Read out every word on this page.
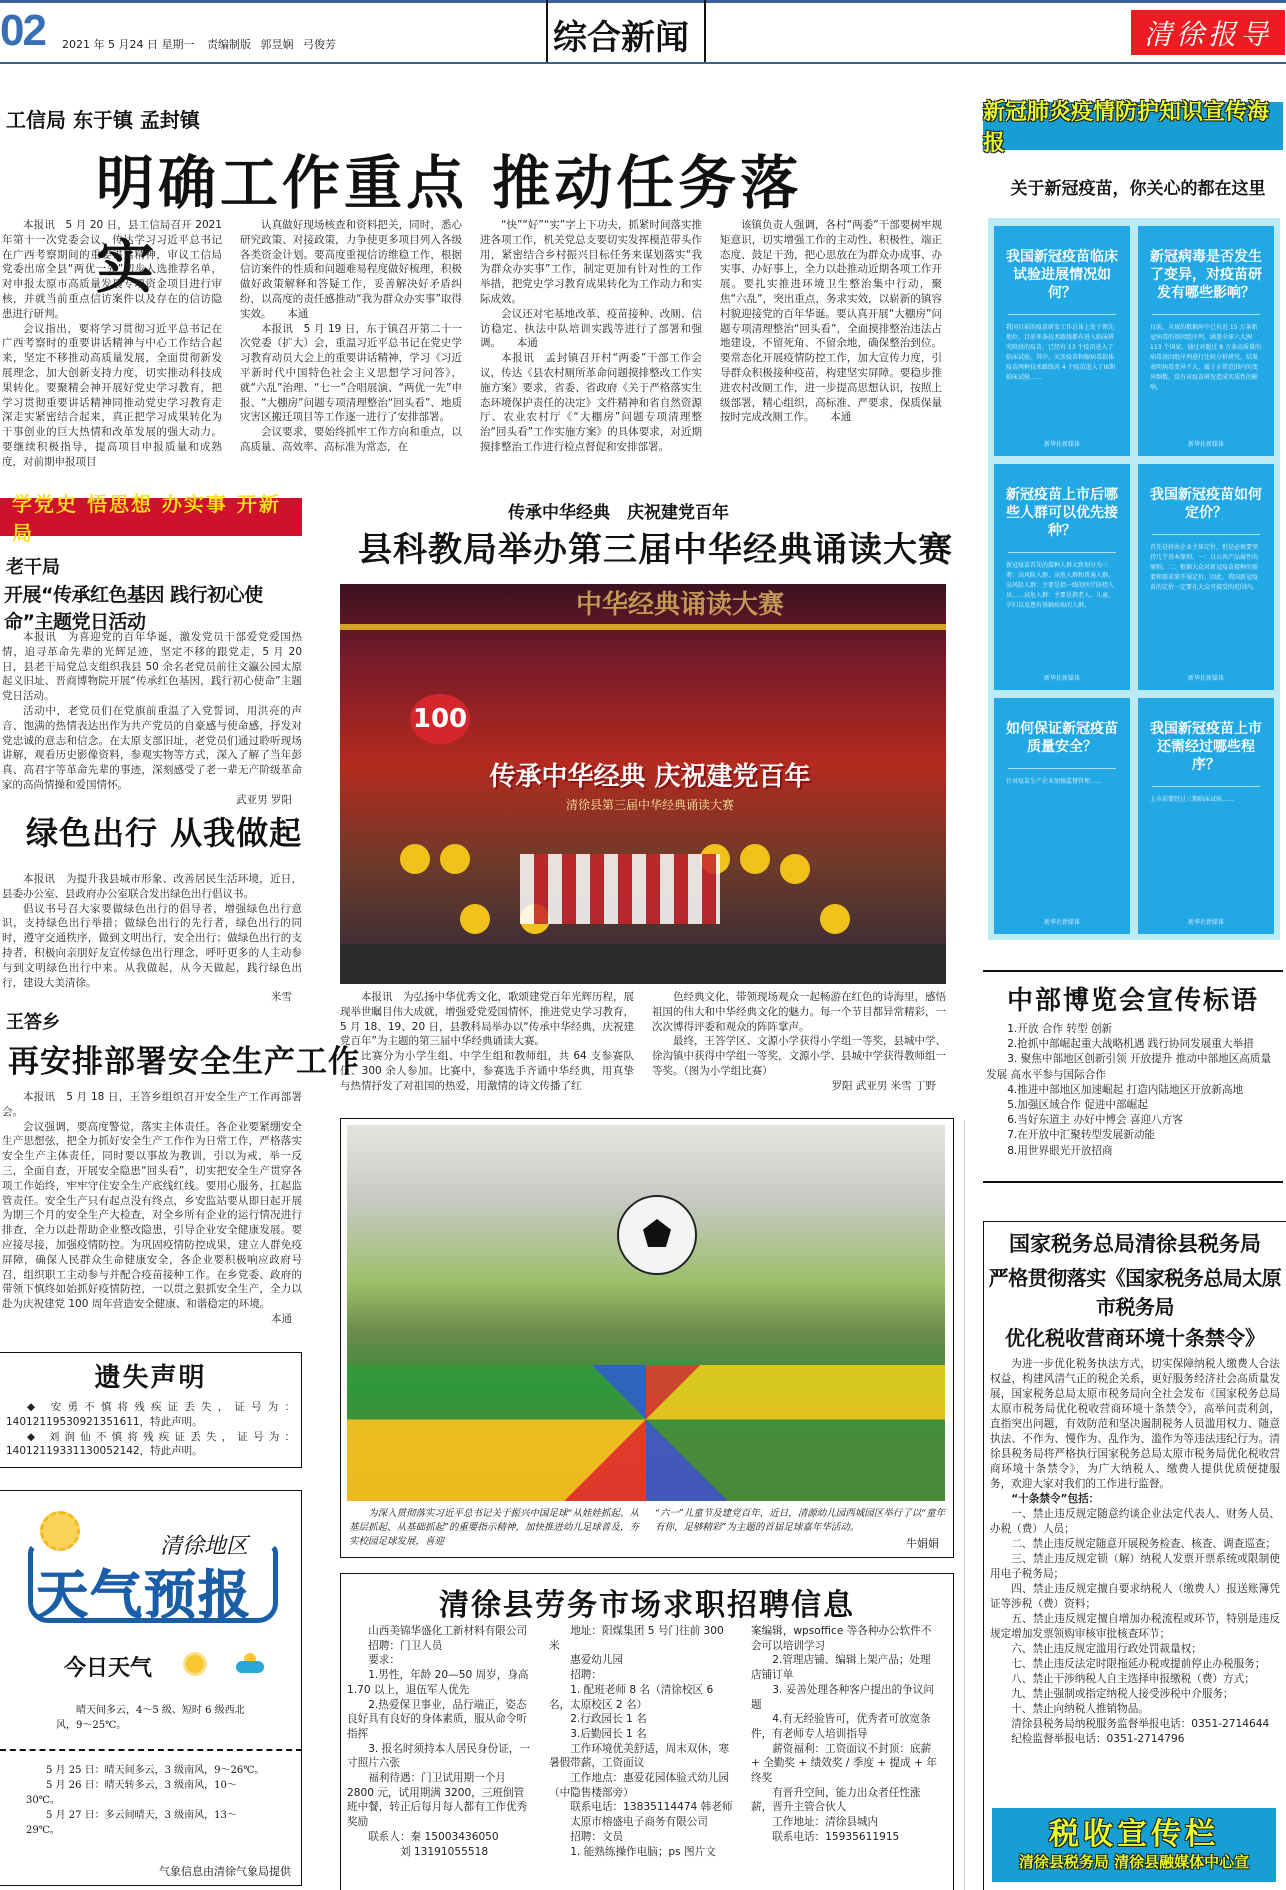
02 2021 年 5 月24 日 星期一 责编制版 郭昱娴 弓俊芳	综合新闻	清徐报导
工信局 东于镇 孟封镇
明确工作重点 推动任务落实

本报讯　5 月 20 日，县工信局召开 2021 年第十一次党委会议，传达学习习近平总书记在广西考察期间的重要讲话精神，审议工信局党委出席全县“两优一先”初步人选推荐名单，对申报太原市高质量发展专项资金项目进行审核，并就当前重点信访案件以及存在的信访隐患进行研判。

会议指出，要将学习贯彻习近平总书记在广西考察时的重要讲话精神与中心工作结合起来，坚定不移推动高质量发展，全面贯彻新发展理念，加大创新支持力度，切实推动科技成果转化。要聚精会神开展好党史学习教育，把学习贯彻重要讲话精神同推动党史学习教育走深走实紧密结合起来，真正把学习成果转化为干事创业的巨大热情和改革发展的强大动力。要继续积极指导，提高项目申报质量和成熟度，对前期申报项目

认真做好现场核查和资料把关，同时，悉心研究政策、对接政策，力争使更多项目列入各级各类资金计划。要高度重视信访维稳工作，根据信访案件的性质和问题难易程度做好梳理，积极做好政策解释和答疑工作，妥善解决好矛盾纠纷，以高度的责任感推动“我为群众办实事”取得实效。　　本通

本报讯　5 月 19 日，东于镇召开第二十一次党委（扩大）会，重温习近平总书记在党史学习教育动员大会上的重要讲话精神，学习《习近平新时代中国特色社会主义思想学习问答》，就“六乱”治理、“七一”合唱展演、“两优一先”申报、“大棚房”问题专项清理整治“回头看”、地质灾害区搬迁项目等工作逐一进行了安排部署。

会议要求，要始终抓牢工作方向和重点，以高质量、高效率、高标准为常态，在

“快”“好”“实”字上下功夫，抓紧时间落实推进各项工作，机关党总支要切实发挥模范带头作用，紧密结合乡村振兴目标任务来谋划落实“我为群众办实事”工作，制定更加有针对性的工作举措，把党史学习教育成果转化为工作动力和实际成效。

会议还对宅基地改革、疫苗接种、改厕、信访稳定、执法中队培训实践等进行了部署和强调。　　本通

本报讯　孟封镇召开村“两委”干部工作会议，传达《县农村厕所革命问题摸排整改工作实施方案》要求，省委、省政府《关于严格落实生态环境保护责任的决定》文件精神和省自然资源厅、农业农村厅《“大棚房”问题专项清理整治“回头看”工作实施方案》的具体要求，对近期摸排整治工作进行检点督促和安排部署。

该镇负责人强调，各村“两委”干部要树牢规矩意识，切实增强工作的主动性、积极性，端正态度、鼓足干劲，把心思放在为群众办成事、办实事、办好事上，全力以赴推动近期各项工作开展。要扎实推进环境卫生整治集中行动，聚焦“六乱”，突出重点，务求实效，以崭新的镇容村貌迎接党的百年华诞。要认真开展“大棚房”问题专项清理整治“回头看”，全面摸排整治违法占地建设，不留死角、不留余地，确保整治到位。要常态化开展疫情防控工作，加大宣传力度，引导群众积极接种疫苗，构建坚实屏障。要稳步推进农村改厕工作，进一步提高思想认识，按照上级部署，精心组织，高标准、严要求，保质保量按时完成改厕工作。　　本通

学党史 悟思想 办实事 开新局
老干局
开展“传承红色基因 践行初心使命”主题党日活动

本报讯　为喜迎党的百年华诞，激发党员干部爱党爱国热情，追寻革命先辈的光辉足迹，坚定不移的跟党走，5 月 20 日，县老干局党总支组织我县 50 余名老党员前往文瀛公园太原起义旧址、晋商博物院开展“传承红色基因，践行初心使命”主题党日活动。

活动中，老党员们在党旗前重温了入党誓词，用洪亮的声音、饱满的热情表达出作为共产党员的自豪感与使命感，抒发对党忠诚的意志和信念。在太原支部旧址，老党员们通过聆听现场讲解，观看历史影像资料，参观实物等方式，深入了解了当年彭真、高君宇等革命先辈的事迹，深刻感受了老一辈无产阶级革命家的高尚情操和爱国情怀。

武亚男 罗阳
绿色出行 从我做起

本报讯　为提升我县城市形象、改善居民生活环境，近日，县委办公室、县政府办公室联合发出绿色出行倡议书。

倡议书号召大家要做绿色出行的倡导者，增强绿色出行意识，支持绿色出行举措；做绿色出行的先行者，绿色出行的同时，遵守交通秩序，做到文明出行，安全出行；做绿色出行的支持者，积极向亲朋好友宣传绿色出行理念，呼吁更多的人主动参与到文明绿色出行中来。从我做起，从今天做起，践行绿色出行，建设大美清徐。

米雪
王答乡
再安排部署安全生产工作

本报讯　5 月 18 日，王答乡组织召开安全生产工作再部署会。

会议强调，要高度警觉，落实主体责任。各企业要紧绷安全生产思想弦，把全力抓好安全生产工作作为日常工作，严格落实安全生产主体责任，同时要以事故为教训，引以为戒，举一反三，全面自查，开展安全隐患“回头看”，切实把安全生产贯穿各项工作始终，牢牢守住安全生产底线红线。要用心服务，扛起监管责任。安全生产只有起点没有终点，乡安监站要从即日起开展为期三个月的安全生产大检查，对全乡所有企业的运行情况进行排查，全力以赴帮助企业整改隐患，引导企业安全健康发展。要应接尽接，加强疫情防控。为巩固疫情防控成果，建立人群免疫屏障，确保人民群众生命健康安全，各企业要积极响应政府号召，组织职工主动参与并配合疫苗接种工作。在乡党委、政府的带领下慎终如始抓好疫情防控，一以贯之狠抓安全生产，全力以赴为庆祝建党 100 周年营造安全健康、和谐稳定的环境。

本通
遗失声明

◆ 安勇不慎将残疾证丢失，证号为：14012119530921351611，特此声明。

◆ 刘润仙不慎将残疾证丢失，证号为：14012119331130052142，特此声明。

清徐地区
天气预报
今日天气
晴天间多云，4～5 级、短时 6 级西北风，9～25℃。

5 月 25 日：晴天间多云，3 级南风，9～26℃。

5 月 26 日：晴天转多云，3 级南风，10～30℃。

5 月 27 日：多云间晴天，3 级南风，13～29℃。

气象信息由清徐气象局提供
传承中华经典　庆祝建党百年
县科教局举办第三届中华经典诵读大赛
中华经典诵读大赛
100
传承中华经典 庆祝建党百年
清徐县第三届中华经典诵读大赛

本报讯　为弘扬中华优秀文化，歌颂建党百年光辉历程，展现举世瞩目伟大成就，增强爱党爱国情怀，推进党史学习教育，5 月 18、19、20 日，县教科局举办以“传承中华经典，庆祝建党百年”为主题的第三届中华经典诵读大赛。

比赛分为小学生组、中学生组和教师组，共 64 支参赛队伍、300 余人参加。比赛中，参赛选手齐诵中华经典，用真挚与热情抒发了对祖国的热爱，用激情的诗文传播了红

色经典文化，带领现场观众一起畅游在红色的诗海里，感悟祖国的伟大和中华经典文化的魅力。每一个节目都异常精彩，一次次博得评委和观众的阵阵掌声。

最终，王答学区、文源小学获得小学组一等奖，县城中学、徐沟镇中获得中学组一等奖，文源小学、县城中学获得教师组一等奖。（图为小学组比赛）

罗阳 武亚男 米雪 丁野
为深入贯彻落实习近平总书记关于振兴中国足球“从娃娃抓起、从基层抓起、从基础抓起”的重要指示精神，加快推进幼儿足球普及，夯实校园足球发展，喜迎
“六一”儿童节及建党百年，近日，清源幼儿园西城园区举行了以“童年有你，足够精彩”为主题的首届足球嘉年华活动。
牛娟娟
清徐县劳务市场求职招聘信息

山西美锦华盛化工新材料有限公司

招聘：门卫人员

要求：

1.男性，年龄 20—50 周岁，身高 1.70 以上，退伍军人优先

2.热爱保卫事业，品行端正，姿态良好具有良好的身体素质，服从命令听指挥

3. 报名时须持本人居民身份证，一寸照片六张

福利待遇：门卫试用期一个月 2800 元，试用期满 3200，三班倒管班中餐，转正后每月每人都有工作优秀奖励

联系人：秦 15003436050

　　　刘 13191055518

地址：阳煤集团 5 号门往前 300 米

惠爱幼儿园

招聘：

1. 配班老师 8 名（清徐校区 6 名，太原校区 2 名）

2.行政园长 1 名

3.后勤园长 1 名

工作环境优美舒适，周末双休，寒暑假带薪，工资面议

工作地点：惠爱花园体验式幼儿园（中隐售楼部旁）

联系电话：13835114474 韩老师

太原市榕盛电子商务有限公司

招聘：文员

1. 能熟练操作电脑；ps 图片文

案编辑，wpsoffice 等各种办公软件不会可以培训学习

2.管理店铺、编辑上架产品；处理店铺订单

3. 妥善处理各种客户提出的争议问题

4.有无经验皆可，优秀者可放宽条件，有老师专人培训指导

薪资福利：工资面议不封顶：底薪 + 全勤奖 + 绩效奖 / 季度 + 提成 + 年终奖

有晋升空间，能力出众者任性涨薪，晋升主管合伙人

工作地址：清徐县城内

联系电话：15935611915

新冠肺炎疫情防护知识宣传海报
关于新冠疫苗，你关心的都在这里
我国新冠疫苗临床试验进展情况如何？
我国目前的疫苗研发工作总体上处于领先地位，目前多条技术路线都有进入临床研究阶段的疫苗，已经有 13 个疫苗进入了临床试验。其中，灭活疫苗和腺病毒载体疫苗两种技术路线共 4 个疫苗进入了III期临床试验……
新华社新媒体
新冠病毒是否发生了变异，对疫苗研发有哪些影响？
目前，全球的数据库中已有近 15 万条新冠病毒的基因组序列，涵盖全球六大洲 113 个国家。通过对超过 8 万条高质量的病毒基因组序列进行比较分析研究，结果表明病毒变异不大，属于正常范围内的变异频数，没有对疫苗研发造成实质性的影响。
新华社新媒体
新冠疫苗上市后哪些人群可以优先接种？
新冠疫苗首先的接种人群大致划分为三类：高风险人群、高危人群和普通人群。高风险人群：主要是指一线的医疗防控人员……高危人群：主要是指老人、儿童、孕妇以及患有基础疾病的人群。
新华社新媒体
我国新冠疫苗如何定价？
首先是将由企业主体定价，但是必须要坚持几个基本原则。一：以公共产品属性的原则。二：根据大众对新冠疫苗接种的需要和需求来开展定价。因此，我国新冠疫苗的定价一定要在大众可接受的范围内。
新华社新媒体
如何保证新冠疫苗质量安全？
针对疫苗生产企业加强监督管理……
新华社新媒体
我国新冠疫苗上市还需经过哪些程序？
上市前要经过三期临床试验……
新华社新媒体
中部博览会宣传标语

1.开放 合作 转型 创新

2.抢抓中部崛起重大战略机遇 践行协同发展重大举措

3. 聚焦中部地区创新引领 开放提升 推动中部地区高质量发展 高水平参与国际合作

4.推进中部地区加速崛起 打造内陆地区开放新高地

5.加强区域合作 促进中部崛起

6.当好东道主 办好中博会 喜迎八方客

7.在开放中汇聚转型发展新动能

8.用世界眼光开放招商

国家税务总局清徐县税务局
严格贯彻落实《国家税务总局太原市税务局
优化税收营商环境十条禁令》

为进一步优化税务执法方式，切实保障纳税人缴费人合法权益，构建风清气正的税企关系，更好服务经济社会高质量发展，国家税务总局太原市税务局向全社会发布《国家税务总局太原市税务局优化税收营商环境十条禁令》，高举问责利剑，直指突出问题，有效防范和坚决遏制税务人员滥用权力、随意执法、不作为、慢作为、乱作为、滥作为等违法违纪行为。清徐县税务局将严格执行国家税务总局太原市税务局优化税收营商环境十条禁令》，为广大纳税人、缴费人提供优质便捷服务，欢迎大家对我们的工作进行监督。

“十条禁令”包括：

一、禁止违反规定随意约谈企业法定代表人、财务人员、办税（费）人员；

二、禁止违反规定随意开展税务检查、核查、调查巡查；

三、禁止违反规定锁（解）纳税人发票开票系统或限制使用电子税务局；

四、禁止违反规定擅自要求纳税人（缴费人）报送账簿凭证等涉税（费）资料；

五、禁止违反规定擅自增加办税流程或环节，特别是违反规定增加发票领购审核审批核查环节；

六、禁止违反规定滥用行政处罚裁量权；

七、禁止违反法定时限拖延办税或提前停止办税服务；

八、禁止干涉纳税人自主选择申报缴税（费）方式；

九、禁止强制或指定纳税人接受涉税中介服务；

十、禁止向纳税人推销物品。

清徐县税务局纳税服务监督举报电话：0351-2714644

纪检监督举报电话：0351-2714796

税收宣传栏
清徐县税务局 清徐县融媒体中心宣
